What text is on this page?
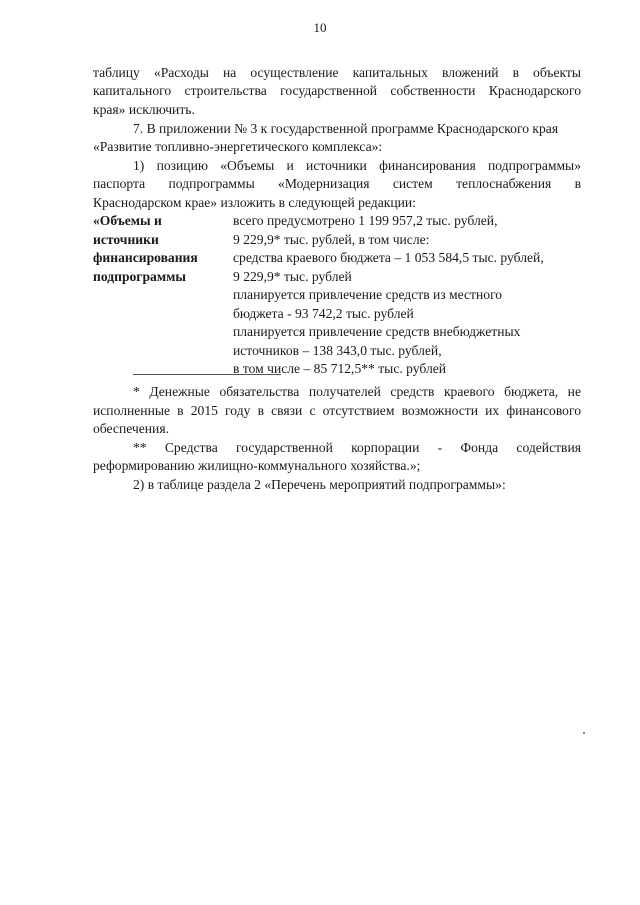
10
таблицу «Расходы на осуществление капитальных вложений в объекты
капитального строительства государственной собственности Краснодарского
края» исключить.
7. В приложении № 3 к государственной программе Краснодарского края
«Развитие топливно-энергетического комплекса»:
1) позицию «Объемы и источники финансирования подпрограммы»
паспорта подпрограммы «Модернизация систем теплоснабжения в
Краснодарском крае» изложить в следующей редакции:
«Объемы и
источники
финансирования
подпрограммы
всего предусмотрено 1 199 957,2 тыс. рублей,
9 229,9* тыс. рублей, в том числе:
средства краевого бюджета – 1 053 584,5 тыс. рублей,
9 229,9* тыс. рублей
планируется привлечение средств из местного
бюджета - 93 742,2 тыс. рублей
планируется привлечение средств внебюджетных
источников – 138 343,0 тыс. рублей,
в том числе – 85 712,5** тыс. рублей
* Денежные обязательства получателей средств краевого бюджета, не
исполненные в 2015 году в связи с отсутствием возможности их финансового
обеспечения.
** Средства государственной корпорации - Фонда содействия
реформированию жилищно-коммунального хозяйства.»;
2) в таблице раздела 2 «Перечень мероприятий подпрограммы»:
